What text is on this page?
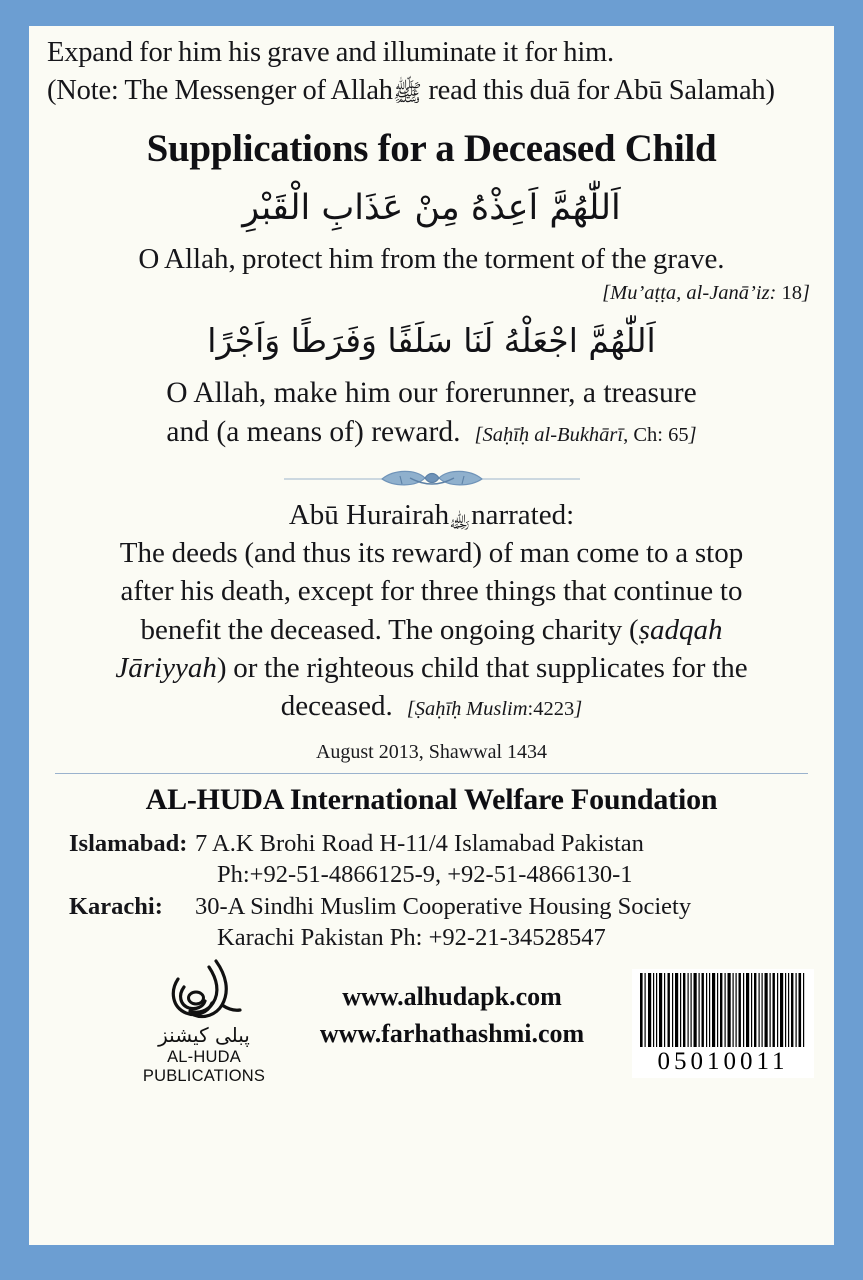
Expand for him his grave and illuminate it for him.
(Note: The Messenger of Allahﷺ read this duā for Abū Salamah)
Supplications for a Deceased Child
اَللّٰهُمَّ اَعِذْهُ مِنْ عَذَابِ الْقَبْرِ
O Allah, protect him from the torment of the grave.
[Mu’aṭṭa, al-Janā’iz: 18]
اَللّٰهُمَّ اجْعَلْهُ لَنَا سَلَفًا وَفَرَطًا وَاَجْرًا
O Allah, make him our forerunner, a treasure
and (a means of) reward. [Saḥīḥ al-Bukhārī, Ch: 65]
Abū Hurairah﵀narrated:
The deeds (and thus its reward) of man come to a stop
after his death, except for three things that continue to
benefit the deceased. The ongoing charity (ṣadqah
Jāriyyah) or the righteous child that supplicates for the
deceased. [Ṣaḥīḥ Muslim:4223]
August 2013, Shawwal 1434
AL-HUDA International Welfare Foundation
Islamabad: 7 A.K Brohi Road H-11/4 Islamabad Pakistan
Ph:+92-51-4866125-9, +92-51-4866130-1
Karachi:	30-A Sindhi Muslim Cooperative Housing Society
Karachi Pakistan Ph: +92-21-34528547
پبلی کیشنز
AL-HUDA PUBLICATIONS
www.alhudapk.com
www.farhathashmi.com
05010011
